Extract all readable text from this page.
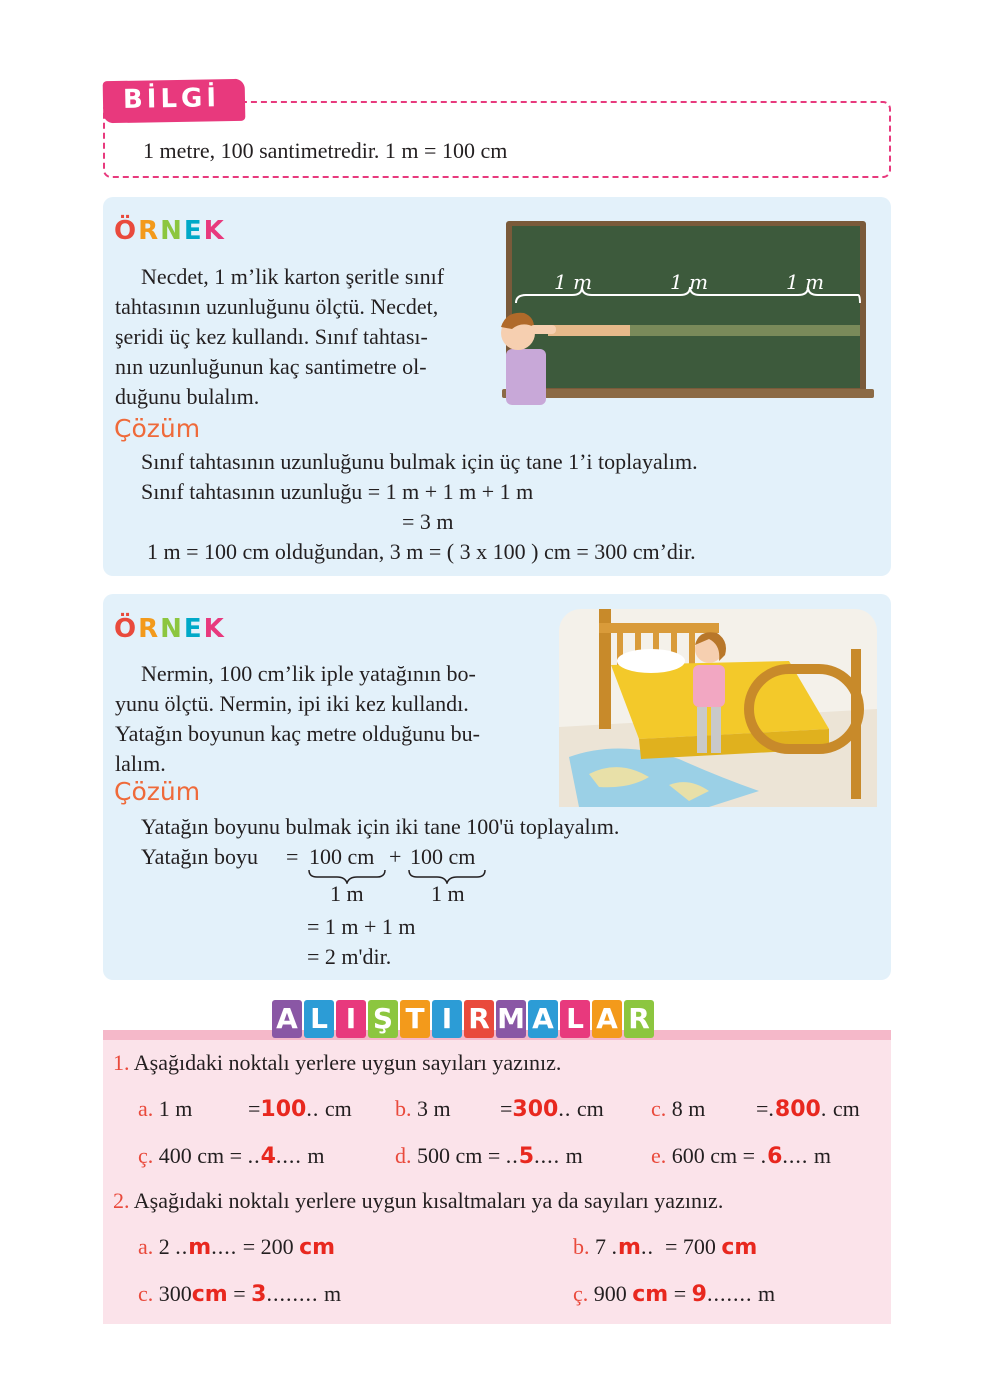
BİLGİ
1 metre, 100 santimetredir. 1 m = 100 cm
ÖRNEK
Necdet, 1 m’lik karton şeritle sınıf
tahtasının uzunluğunu ölçtü. Necdet,
şeridi üç kez kullandı. Sınıf tahtası-
nın uzunluğunun kaç santimetre ol-
duğunu bulalım.
1 m	1 m	1 m
Çözüm
Sınıf tahtasının uzunluğunu bulmak için üç tane 1’i toplayalım.
Sınıf tahtasının uzunluğu = 1 m + 1 m + 1 m
= 3 m
1 m = 100 cm olduğundan, 3 m = ( 3 x 100 ) cm = 300 cm’dir.
ÖRNEK
Nermin, 100 cm’lik iple yatağının bo-
yunu ölçtü. Nermin, ipi iki kez kullandı.
Yatağın boyunun kaç metre olduğunu bu-
lalım.
Çözüm
Yatağın boyunu bulmak için iki tane 100'ü toplayalım.
Yatağın boyu = 100 cm + 100 cm
1 m	1 m
= 1 m + 1 m
= 2 m'dir.
A L I Ş T I R M A L A R
1. Aşağıdaki noktalı yerlere uygun sayıları yazınız.
a. 1 m	=100.. cm b. 3 m =300.. cm c. 8 m =.800. cm
ç. 400 cm = ..4.... m	d. 500 cm = ..5.... m	e. 600 cm = .6.... m
2. Aşağıdaki noktalı yerlere uygun kısaltmaları ya da sayıları yazınız.
a. 2 ..m.... = 200 cm	b. 7 .m.. = 700 cm
c. 300cm = 3........ m	ç. 900 cm = 9....... m
